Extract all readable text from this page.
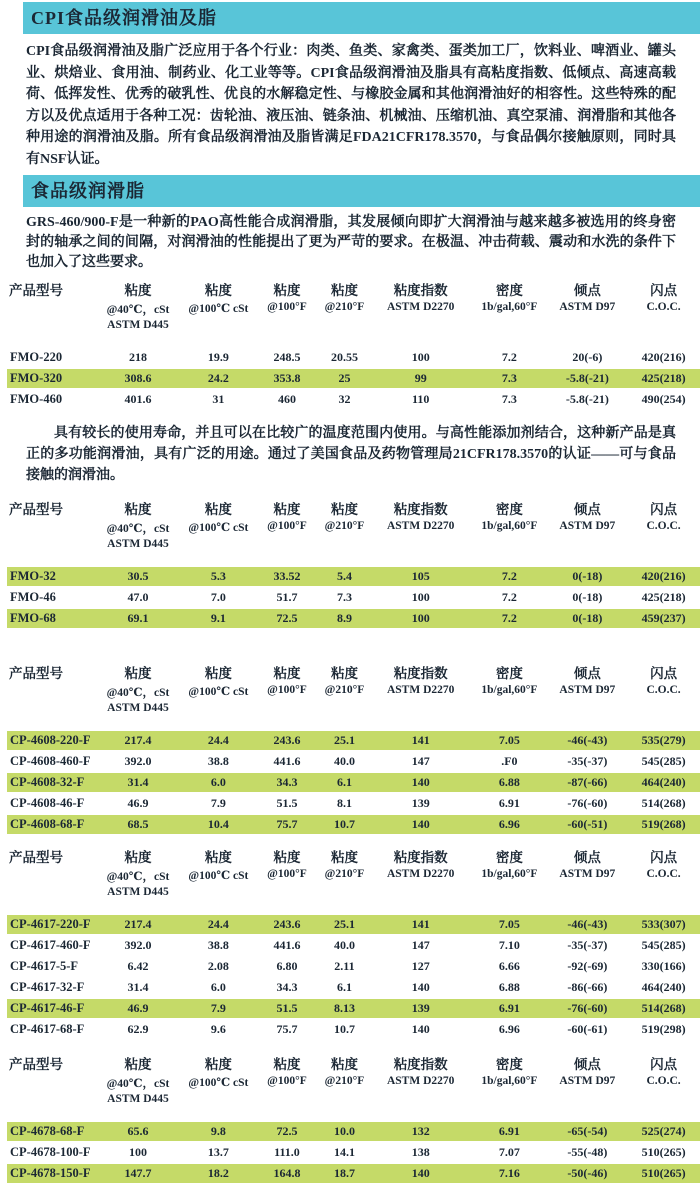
CPI食品级润滑油及脂

CPI食品级润滑油及脂广泛应用于各个行业：肉类、鱼类、家禽类、蛋类加工厂，饮料业、啤酒业、罐头业、烘焙业、食用油、制药业、化工业等等。CPI食品级润滑油及脂具有高粘度指数、低倾点、高速高载荷、低挥发性、优秀的破乳性、优良的水解稳定性、与橡胶金属和其他润滑油好的相容性。这些特殊的配方以及优点适用于各种工况：齿轮油、液压油、链条油、机械油、压缩机油、真空泵浦、润滑脂和其他各种用途的润滑油及脂。所有食品级润滑油及脂皆满足FDA21CFR178.3570，与食品偶尔接触原则，同时具有NSF认证。

食品级润滑脂

GRS-460/900-F是一种新的PAO高性能合成润滑脂，其发展倾向即扩大润滑油与越来越多被选用的终身密封的轴承之间的间隔，对润滑油的性能提出了更为严苛的要求。在极温、冲击荷载、震动和水洗的条件下也加入了这些要求。

产品型号	粘度	粘度	粘度	粘度	粘度指数	密度	倾点	闪点
	@40℃，cSt	@100℃ cSt	@100°F	@210°F	ASTM D2270	1b/gal,60°F	ASTM D97	C.O.C.
	ASTM D445							

FMO-220	218	19.9	248.5	20.55	100	7.2	20(-6)	420(216)
FMO-320	308.6	24.2	353.8	25	99	7.3	-5.8(-21)	425(218)
FMO-460	401.6	31	460	32	110	7.3	-5.8(-21)	490(254)

具有较长的使用寿命，并且可以在比较广的温度范围内使用。与高性能添加剂结合，这种新产品是真正的多功能润滑油，具有广泛的用途。通过了美国食品及药物管理局21CFR178.3570的认证——可与食品接触的润滑油。

产品型号	粘度	粘度	粘度	粘度	粘度指数	密度	倾点	闪点
	@40℃，cSt	@100℃ cSt	@100°F	@210°F	ASTM D2270	1b/gal,60°F	ASTM D97	C.O.C.
	ASTM D445							

FMO-32	30.5	5.3	33.52	5.4	105	7.2	0(-18)	420(216)
FMO-46	47.0	7.0	51.7	7.3	100	7.2	0(-18)	425(218)
FMO-68	69.1	9.1	72.5	8.9	100	7.2	0(-18)	459(237)
产品型号	粘度	粘度	粘度	粘度	粘度指数	密度	倾点	闪点
	@40℃，cSt	@100℃ cSt	@100°F	@210°F	ASTM D2270	1b/gal,60°F	ASTM D97	C.O.C.
	ASTM D445							

CP-4608-220-F	217.4	24.4	243.6	25.1	141	7.05	-46(-43)	535(279)
CP-4608-460-F	392.0	38.8	441.6	40.0	147	.F0	-35(-37)	545(285)
CP-4608-32-F	31.4	6.0	34.3	6.1	140	6.88	-87(-66)	464(240)
CP-4608-46-F	46.9	7.9	51.5	8.1	139	6.91	-76(-60)	514(268)
CP-4608-68-F	68.5	10.4	75.7	10.7	140	6.96	-60(-51)	519(268)
产品型号	粘度	粘度	粘度	粘度	粘度指数	密度	倾点	闪点
	@40℃，cSt	@100℃ cSt	@100°F	@210°F	ASTM D2270	1b/gal,60°F	ASTM D97	C.O.C.
	ASTM D445							

CP-4617-220-F	217.4	24.4	243.6	25.1	141	7.05	-46(-43)	533(307)
CP-4617-460-F	392.0	38.8	441.6	40.0	147	7.10	-35(-37)	545(285)
CP-4617-5-F	6.42	2.08	6.80	2.11	127	6.66	-92(-69)	330(166)
CP-4617-32-F	31.4	6.0	34.3	6.1	140	6.88	-86(-66)	464(240)
CP-4617-46-F	46.9	7.9	51.5	8.13	139	6.91	-76(-60)	514(268)
CP-4617-68-F	62.9	9.6	75.7	10.7	140	6.96	-60(-61)	519(298)
产品型号	粘度	粘度	粘度	粘度	粘度指数	密度	倾点	闪点
	@40℃，cSt	@100℃ cSt	@100°F	@210°F	ASTM D2270	1b/gal,60°F	ASTM D97	C.O.C.
	ASTM D445							

CP-4678-68-F	65.6	9.8	72.5	10.0	132	6.91	-65(-54)	525(274)
CP-4678-100-F	100	13.7	111.0	14.1	138	7.07	-55(-48)	510(265)
CP-4678-150-F	147.7	18.2	164.8	18.7	140	7.16	-50(-46)	510(265)
